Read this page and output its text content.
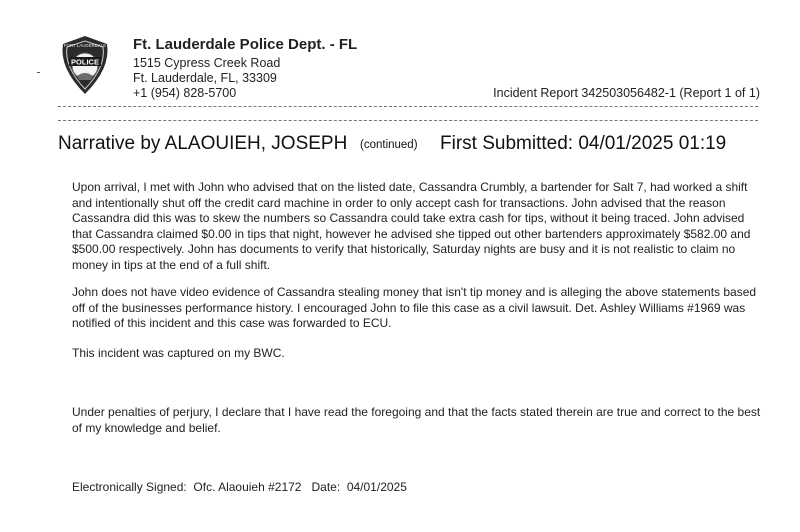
POLICE
FORT LAUDERDALE Ft. Lauderdale Police Dept. - FL
1515 Cypress Creek Road
Ft. Lauderdale, FL, 33309
+1 (954) 828-5700	Incident Report 342503056482-1 (Report 1 of 1)
Narrative by ALAOUIEH, JOSEPH (continued) First Submitted: 04/01/2025 01:19

Upon arrival, I met with John who advised that on the listed date, Cassandra Crumbly, a bartender for Salt 7, had worked a shift and intentionally shut off the credit card machine in order to only accept cash for transactions. John advised that the reason Cassandra did this was to skew the numbers so Cassandra could take extra cash for tips, without it being traced. John advised that Cassandra claimed $0.00 in tips that night, however he advised she tipped out other bartenders approximately $582.00 and $500.00 respectively. John has documents to verify that historically, Saturday nights are busy and it is not realistic to claim no money in tips at the end of a full shift.

John does not have video evidence of Cassandra stealing money that isn't tip money and is alleging the above statements based off of the businesses performance history. I encouraged John to file this case as a civil lawsuit. Det. Ashley Williams #1969 was notified of this incident and this case was forwarded to ECU.

This incident was captured on my BWC.

Under penalties of perjury, I declare that I have read the foregoing and that the facts stated therein are true and correct to the best of my knowledge and belief.

Electronically Signed:  Ofc. Alaouieh #2172   Date:  04/01/2025
